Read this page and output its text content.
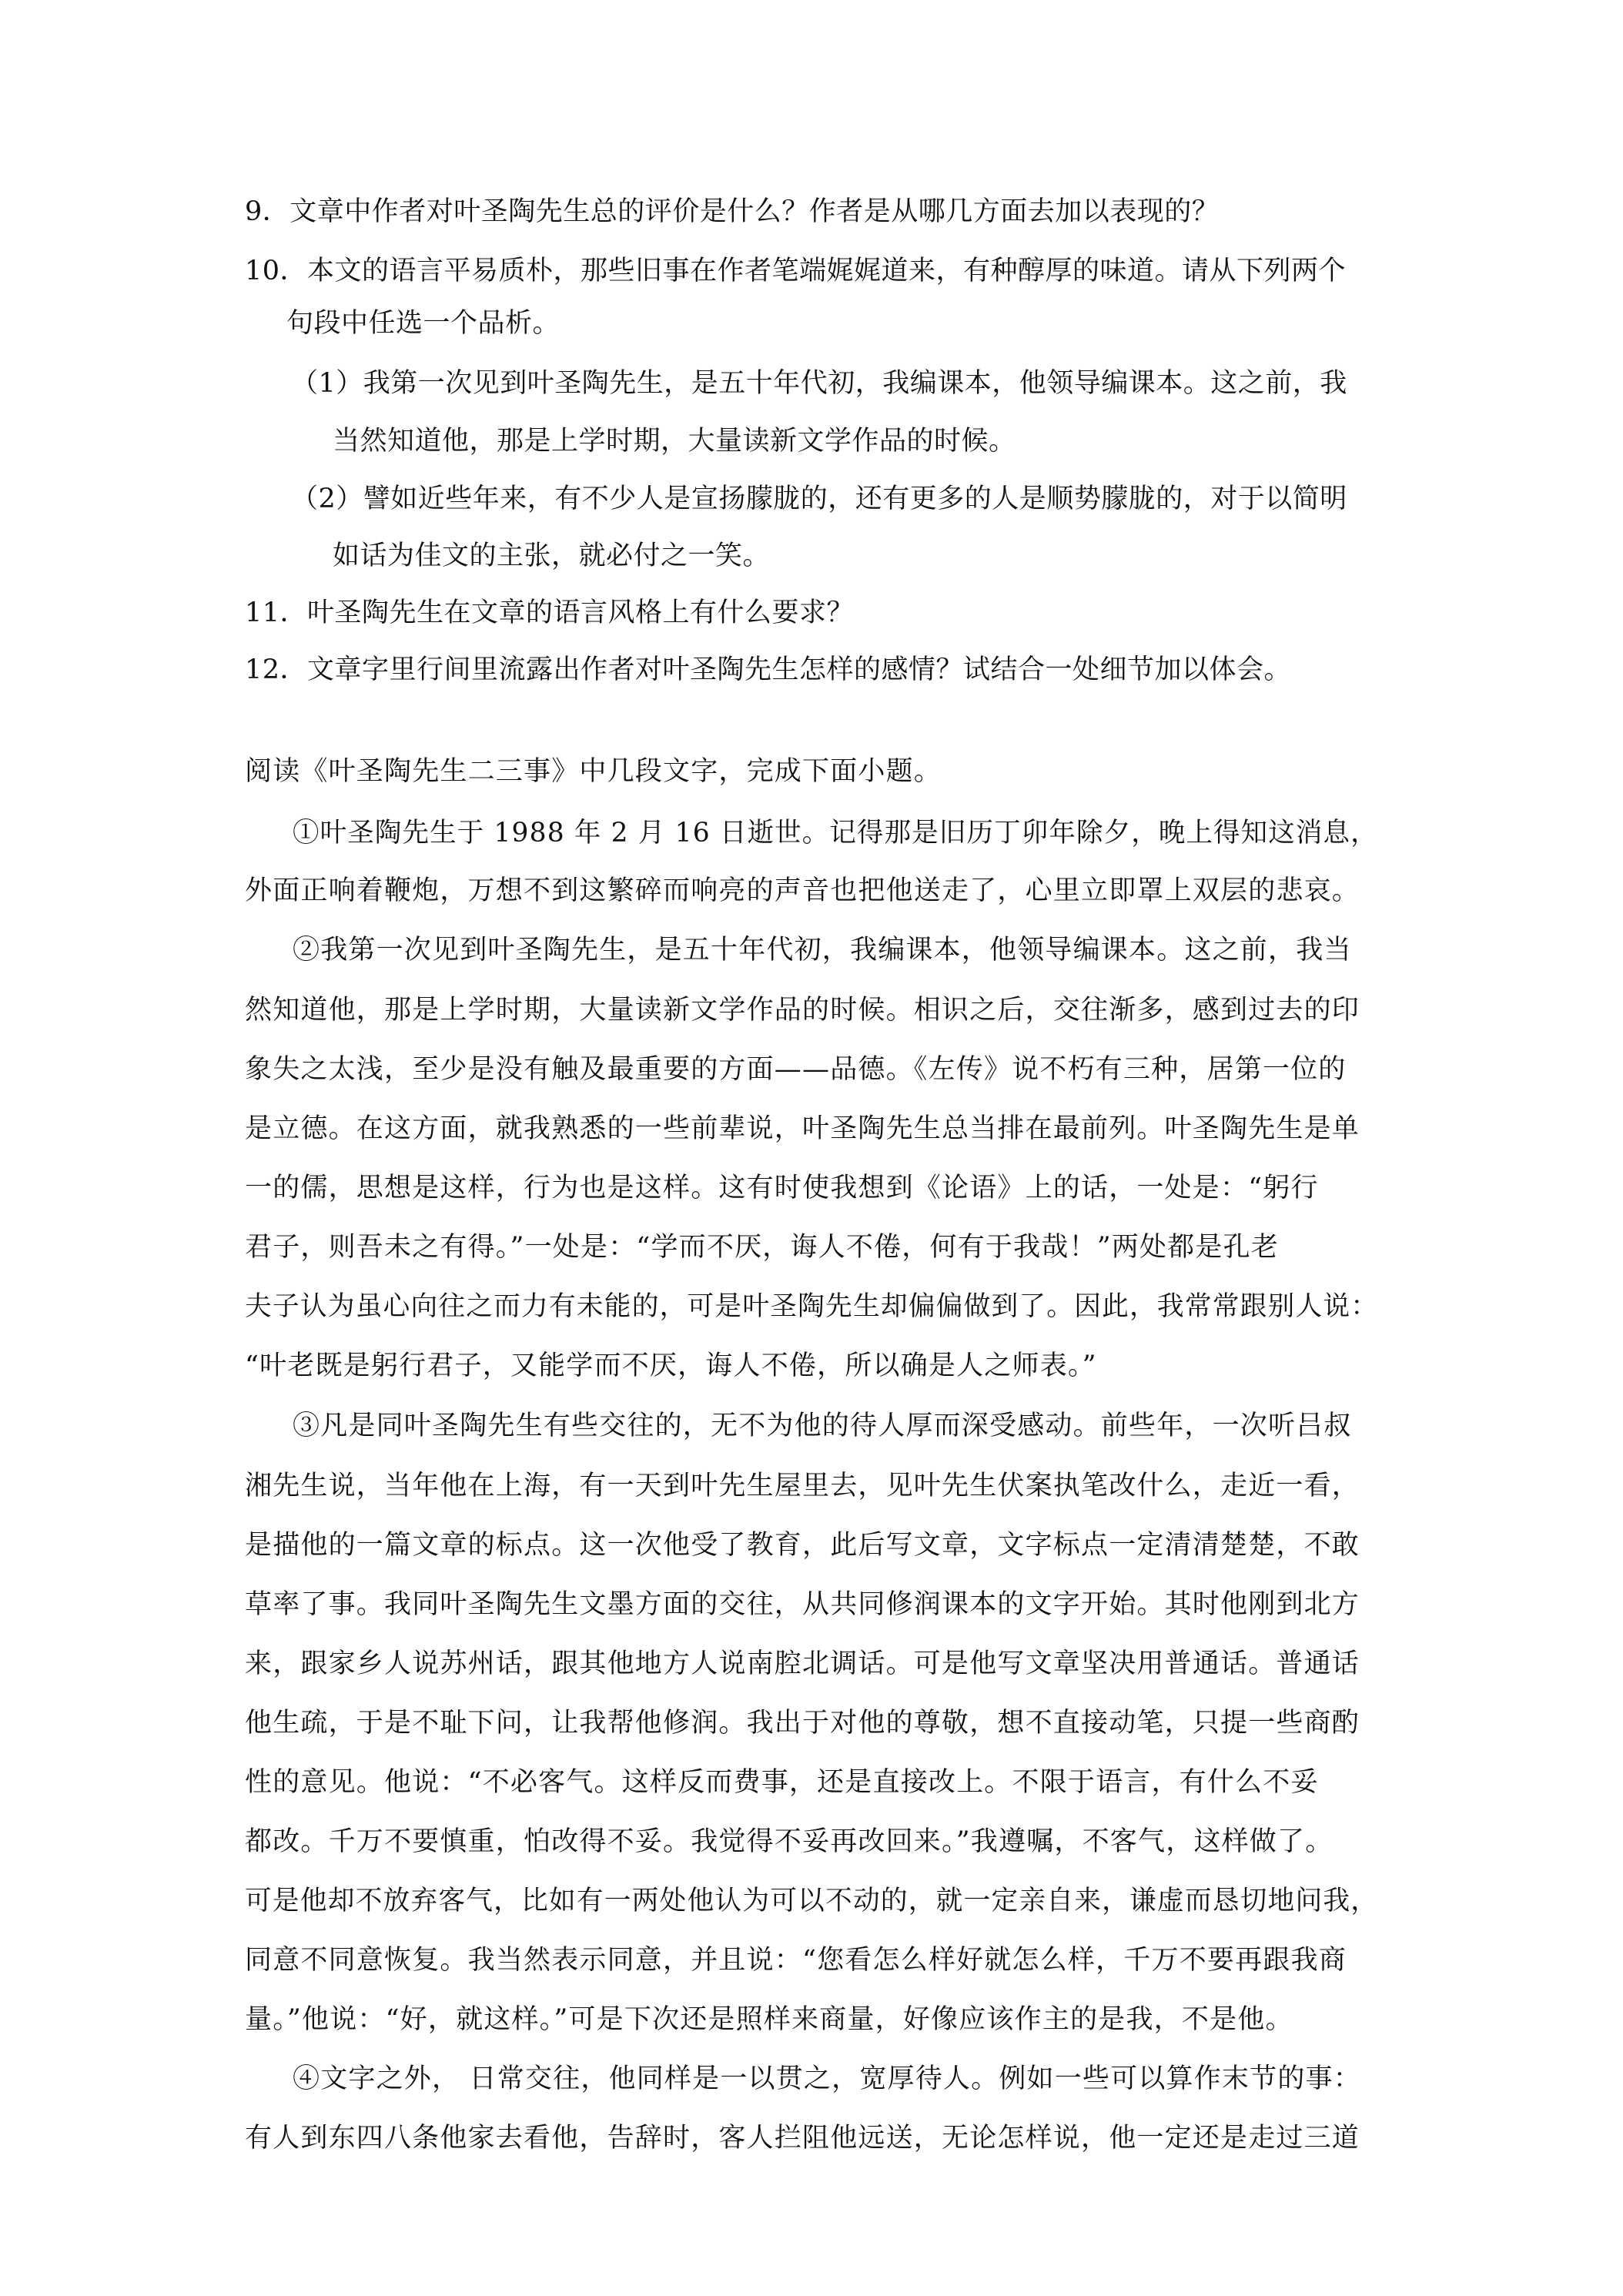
9．文章中作者对叶圣陶先生总的评价是什么？作者是从哪几方面去加以表现的？
10．本文的语言平易质朴，那些旧事在作者笔端娓娓道来，有种醇厚的味道。请从下列两个
句段中任选一个品析。
（1）我第一次见到叶圣陶先生，是五十年代初，我编课本，他领导编课本。这之前，我
当然知道他，那是上学时期，大量读新文学作品的时候。
（2）譬如近些年来，有不少人是宣扬朦胧的，还有更多的人是顺势朦胧的，对于以简明
如话为佳文的主张，就必付之一笑。
11．叶圣陶先生在文章的语言风格上有什么要求？
12．文章字里行间里流露出作者对叶圣陶先生怎样的感情？试结合一处细节加以体会。
阅读《叶圣陶先生二三事》中几段文字，完成下面小题。
①叶圣陶先生于 1988 年 2 月 16 日逝世。记得那是旧历丁卯年除夕，晚上得知这消息，
外面正响着鞭炮，万想不到这繁碎而响亮的声音也把他送走了，心里立即罩上双层的悲哀。
②我第一次见到叶圣陶先生，是五十年代初，我编课本，他领导编课本。这之前，我当
然知道他，那是上学时期，大量读新文学作品的时候。相识之后，交往渐多，感到过去的印
象失之太浅，至少是没有触及最重要的方面——品德。《左传》说不朽有三种，居第一位的
是立德。在这方面，就我熟悉的一些前辈说，叶圣陶先生总当排在最前列。叶圣陶先生是单
一的儒，思想是这样，行为也是这样。这有时使我想到《论语》上的话，一处是：“躬行
君子，则吾未之有得。”一处是：“学而不厌，诲人不倦，何有于我哉！”两处都是孔老
夫子认为虽心向往之而力有未能的，可是叶圣陶先生却偏偏做到了。因此，我常常跟别人说：
“叶老既是躬行君子，又能学而不厌，诲人不倦，所以确是人之师表。”
③凡是同叶圣陶先生有些交往的，无不为他的待人厚而深受感动。前些年，一次听吕叔
湘先生说，当年他在上海，有一天到叶先生屋里去，见叶先生伏案执笔改什么，走近一看，
是描他的一篇文章的标点。这一次他受了教育，此后写文章，文字标点一定清清楚楚，不敢
草率了事。我同叶圣陶先生文墨方面的交往，从共同修润课本的文字开始。其时他刚到北方
来，跟家乡人说苏州话，跟其他地方人说南腔北调话。可是他写文章坚决用普通话。普通话
他生疏，于是不耻下问，让我帮他修润。我出于对他的尊敬，想不直接动笔，只提一些商酌
性的意见。他说：“不必客气。这样反而费事，还是直接改上。不限于语言，有什么不妥
都改。千万不要慎重，怕改得不妥。我觉得不妥再改回来。”我遵嘱，不客气，这样做了。
可是他却不放弃客气，比如有一两处他认为可以不动的，就一定亲自来，谦虚而恳切地问我，
同意不同意恢复。我当然表示同意，并且说：“您看怎么样好就怎么样，千万不要再跟我商
量。”他说：“好，就这样。”可是下次还是照样来商量，好像应该作主的是我，不是他。
④文字之外， 日常交往，他同样是一以贯之，宽厚待人。例如一些可以算作末节的事：
有人到东四八条他家去看他，告辞时，客人拦阻他远送，无论怎样说，他一定还是走过三道
